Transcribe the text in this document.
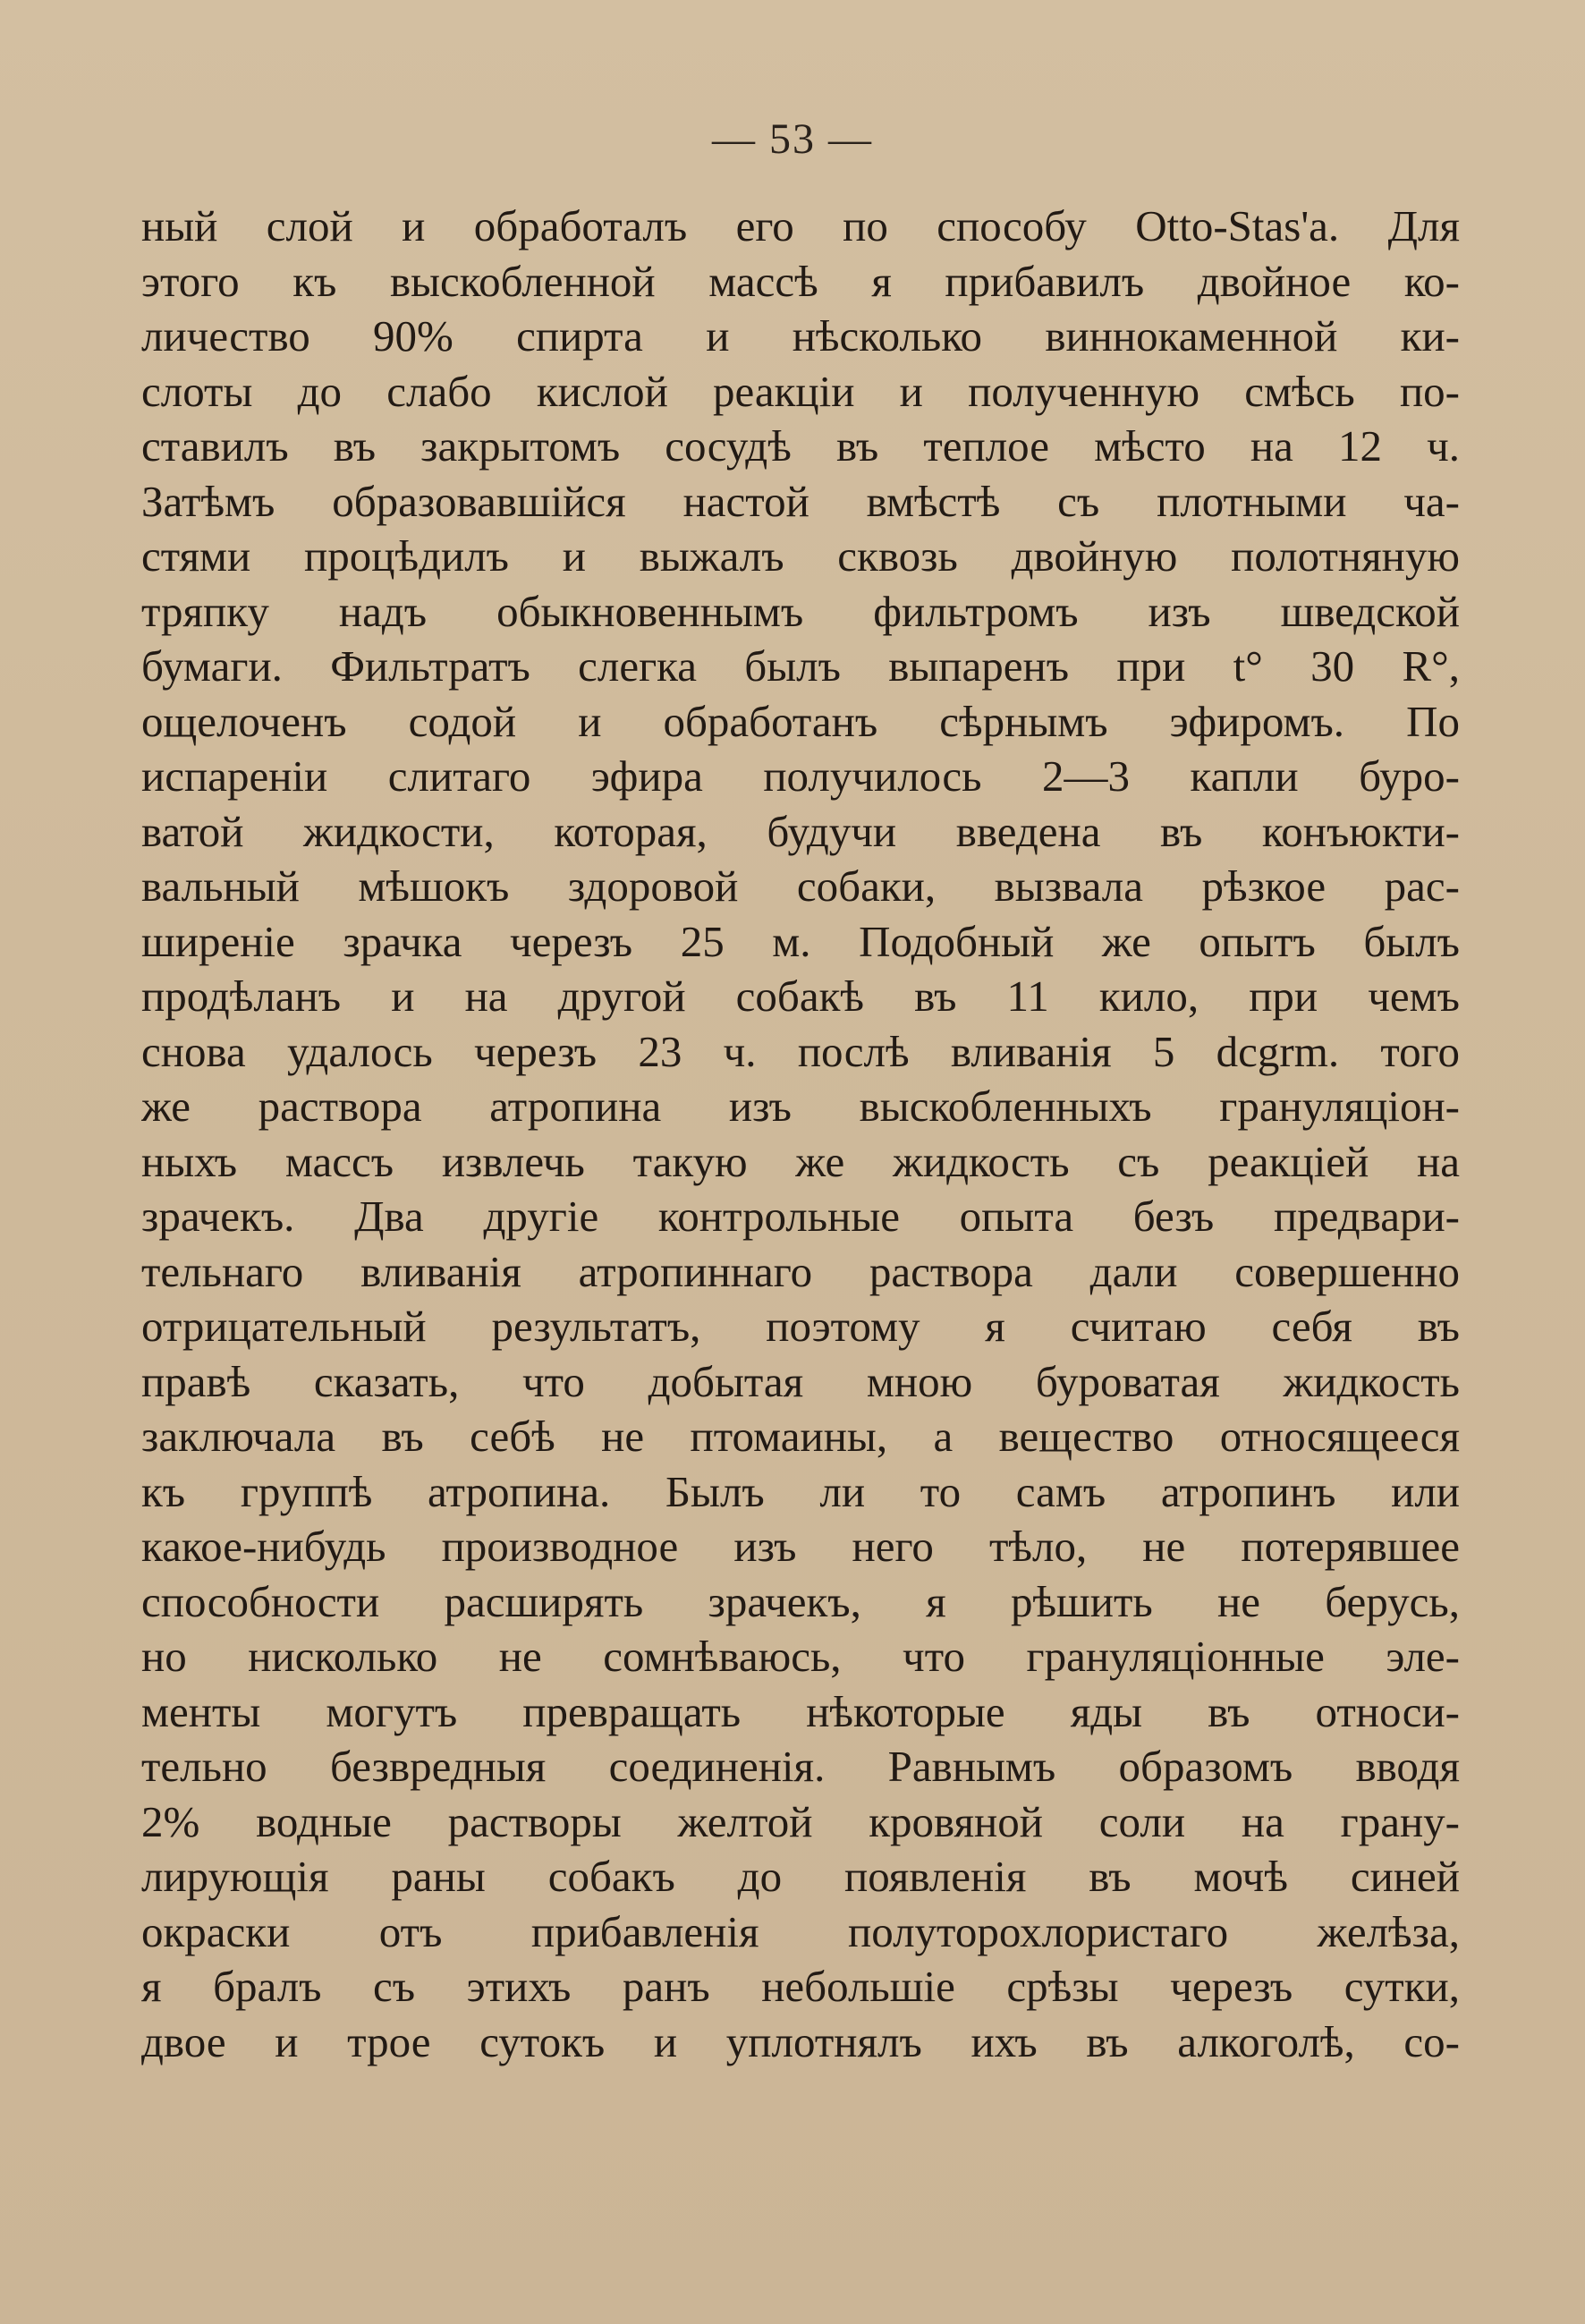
— 53 —
ный слой и обработалъ его по способу Otto-Stas'a. Для
этого къ выскобленной массѣ я прибавилъ двойное ко-
личество 90% спирта и нѣсколько виннокаменной ки-
слоты до слабо кислой реакціи и полученную смѣсь по-
ставилъ въ закрытомъ сосудѣ въ теплое мѣсто на 12 ч.
Затѣмъ образовавшійся настой вмѣстѣ съ плотными ча-
стями процѣдилъ и выжалъ сквозь двойную полотняную
тряпку надъ обыкновеннымъ фильтромъ изъ шведской
бумаги. Фильтратъ слегка былъ выпаренъ при t° 30 R°,
ощелоченъ содой и обработанъ сѣрнымъ эфиромъ. По
испареніи слитаго эфира получилось 2—3 капли буро-
ватой жидкости, которая, будучи введена въ конъюкти-
вальный мѣшокъ здоровой собаки, вызвала рѣзкое рас-
ширеніе зрачка черезъ 25 м. Подобный же опытъ былъ
продѣланъ и на другой собакѣ въ 11 кило, при чемъ
снова удалось черезъ 23 ч. послѣ вливанія 5 dcgrm. того
же раствора атропина изъ выскобленныхъ грануляціон-
ныхъ массъ извлечь такую же жидкость съ реакціей на
зрачекъ. Два другіе контрольные опыта безъ предвари-
тельнаго вливанія атропиннаго раствора дали совершенно
отрицательный результатъ, поэтому я считаю себя въ
правѣ сказать, что добытая мною буроватая жидкость
заключала въ себѣ не птомаины, а вещество относящееся
къ группѣ атропина. Былъ ли то самъ атропинъ или
какое-нибудь производное изъ него тѣло, не потерявшее
способности расширять зрачекъ, я рѣшить не берусь,
но нисколько не сомнѣваюсь, что грануляціонные эле-
менты могутъ превращать нѣкоторые яды въ относи-
тельно безвредныя соединенія. Равнымъ образомъ вводя
2% водные растворы желтой кровяной соли на грану-
лирующія раны собакъ до появленія въ мочѣ синей
окраски отъ прибавленія полуторохлористаго желѣза,
я бралъ съ этихъ ранъ небольшіе срѣзы черезъ сутки,
двое и трое сутокъ и уплотнялъ ихъ въ алкоголѣ, со-
